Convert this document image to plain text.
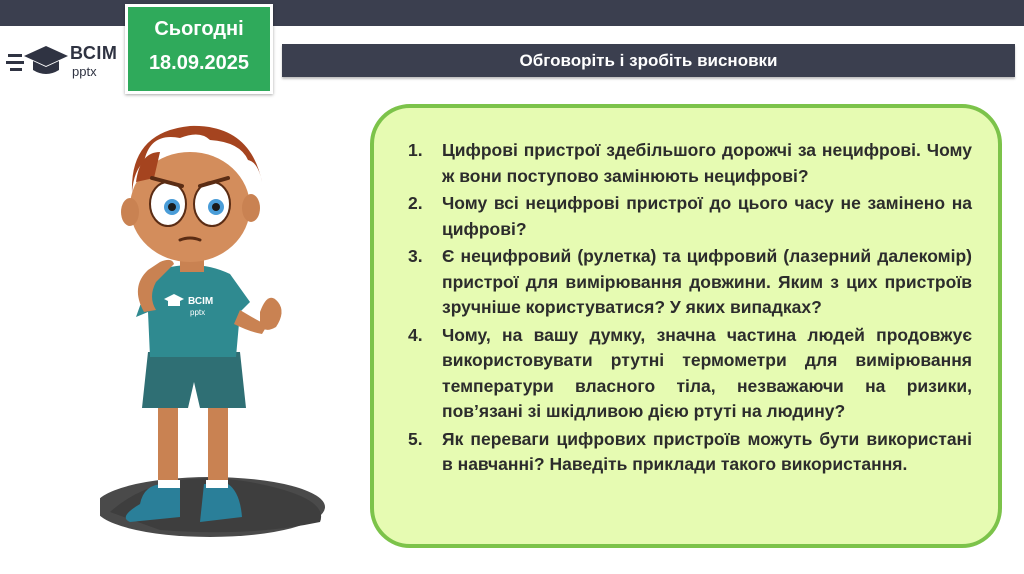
ВСІМ
pptx
Сьогодні
18.09.2025	Обговоріть і зробіть висновки
ВСІМ
pptx
1. Цифрові пристрої здебільшого дорожчі за нецифрові. Чому ж вони поступово замінюють нецифрові?
2. Чому всі нецифрові пристрої до цього часу не замінено на цифрові?
3. Є нецифровий (рулетка) та цифровий (лазерний далекомір) пристрої для вимірювання довжини. Яким з цих пристроїв зручніше користуватися? У яких випадках?
4. Чому, на вашу думку, значна частина людей продовжує використовувати ртутні термометри для вимірювання температури власного тіла, незважаючи на ризики, пов’язані зі шкідливою дією ртуті на людину?
5. Як переваги цифрових пристроїв можуть бути використані в навчанні? Наведіть приклади такого використання.
